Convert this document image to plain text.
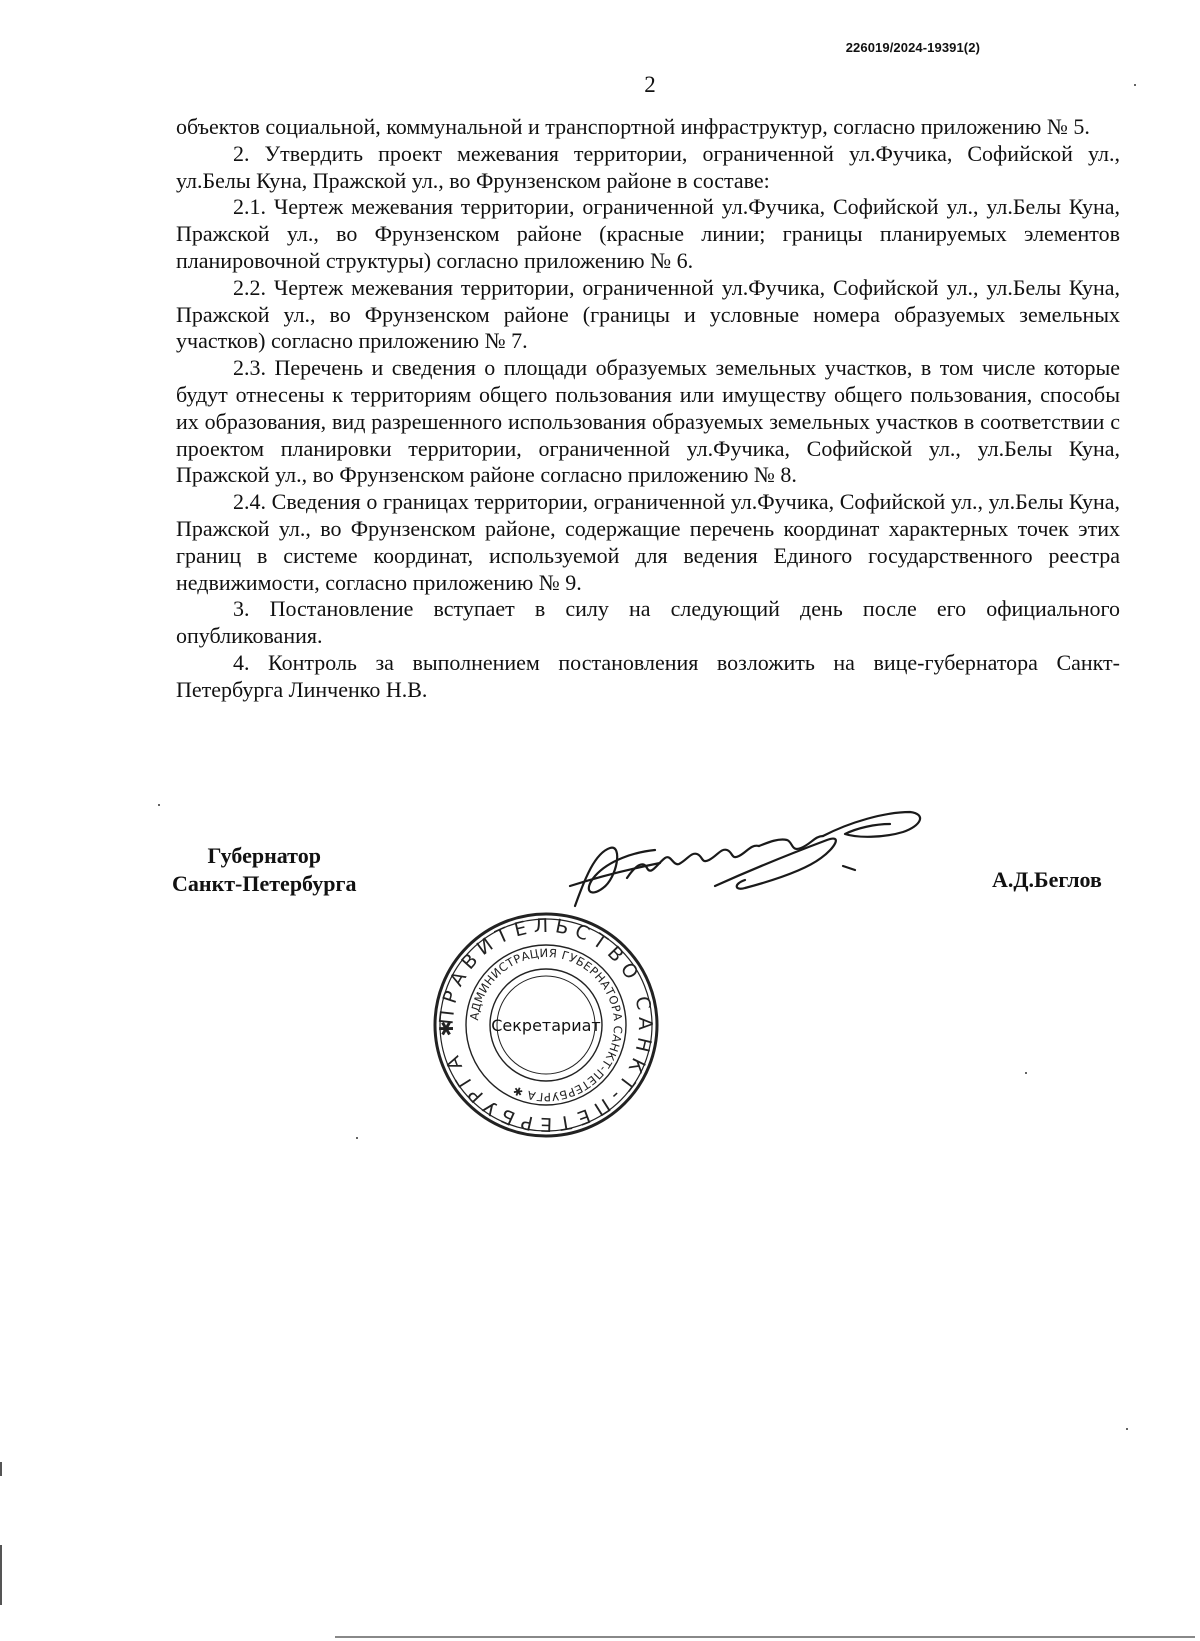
226019/2024-19391(2)
2

объектов социальной, коммунальной и транспортной инфраструктур, согласно приложению № 5.

2. Утвердить проект межевания территории, ограниченной ул.Фучика, Софийской ул., ул.Белы Куна, Пражской ул., во Фрунзенском районе в составе:

2.1. Чертеж межевания территории, ограниченной ул.Фучика, Софийской ул., ул.Белы Куна, Пражской ул., во Фрунзенском районе (красные линии; границы планируемых элементов планировочной структуры) согласно приложению № 6.

2.2. Чертеж межевания территории, ограниченной ул.Фучика, Софийской ул., ул.Белы Куна, Пражской ул., во Фрунзенском районе (границы и условные номера образуемых земельных участков) согласно приложению № 7.

2.3. Перечень и сведения о площади образуемых земельных участков, в том числе которые будут отнесены к территориям общего пользования или имуществу общего пользования, способы их образования, вид разрешенного использования образуемых земельных участков в соответствии с проектом планировки территории, ограниченной ул.Фучика, Софийской ул., ул.Белы Куна, Пражской ул., во Фрунзенском районе согласно приложению № 8.

2.4. Сведения о границах территории, ограниченной ул.Фучика, Софийской ул., ул.Белы Куна, Пражской ул., во Фрунзенском районе, содержащие перечень координат характерных точек этих границ в системе координат, используемой для ведения Единого государственного реестра недвижимости, согласно приложению № 9.

3. Постановление вступает в силу на следующий день после его официального опубликования.

4. Контроль за выполнением постановления возложить на вице-губернатора Санкт-Петербурга Линченко Н.В.

Губернатор
Санкт-Петербурга	А.Д.Беглов
ПРАВИТЕЛЬСТВО САНКТ-ПЕТЕРБУРГА ✱ АДМИНИСТРАЦИЯ ГУБЕРНАТОРА САНКТ-ПЕТЕРБУРГА ✱
Секретариат
